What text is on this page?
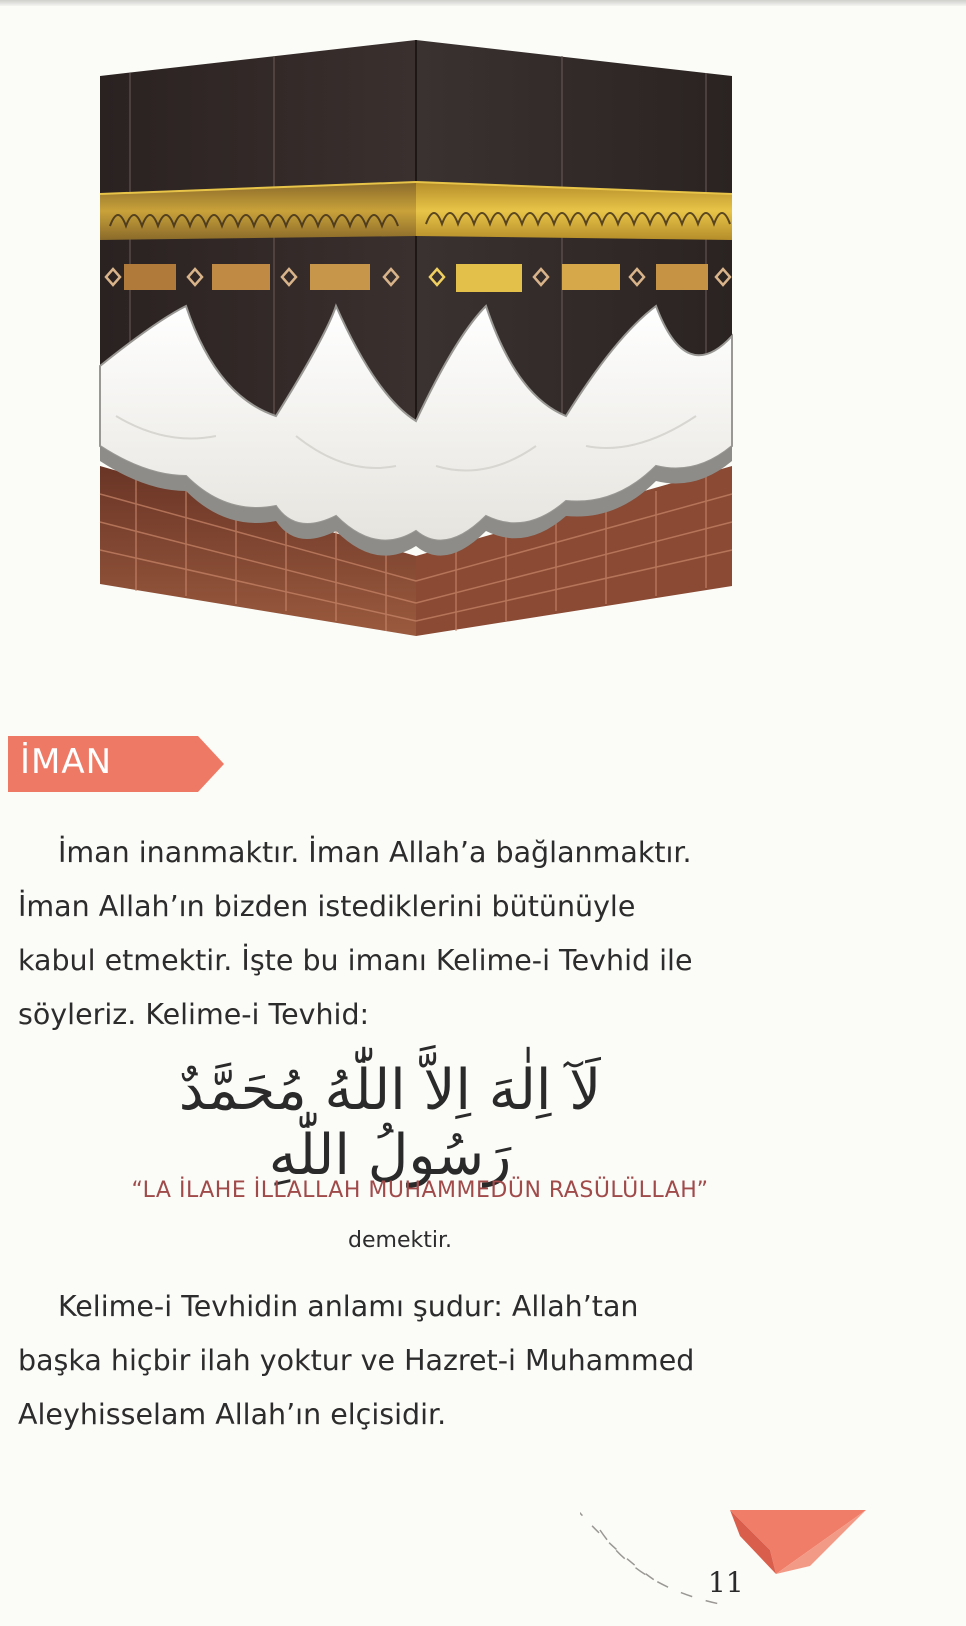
İMAN

İman inanmaktır. İman Allah’a bağlanmaktır.
İman Allah’ın bizden istediklerini bütünüyle
kabul etmektir. İşte bu imanı Kelime-i Tevhid ile
söyleriz. Kelime-i Tevhid:

لَآ اِلٰهَ اِلاَّ اللّٰهُ مُحَمَّدٌ رَسُولُ اللّٰهِ
“LA İLAHE İLLALLAH MUHAMMEDÜN RASÜLÜLLAH”
demektir.

Kelime-i Tevhidin anlamı şudur: Allah’tan
başka hiçbir ilah yoktur ve Hazret-i Muhammed
Aleyhisselam Allah’ın elçisidir.

11
